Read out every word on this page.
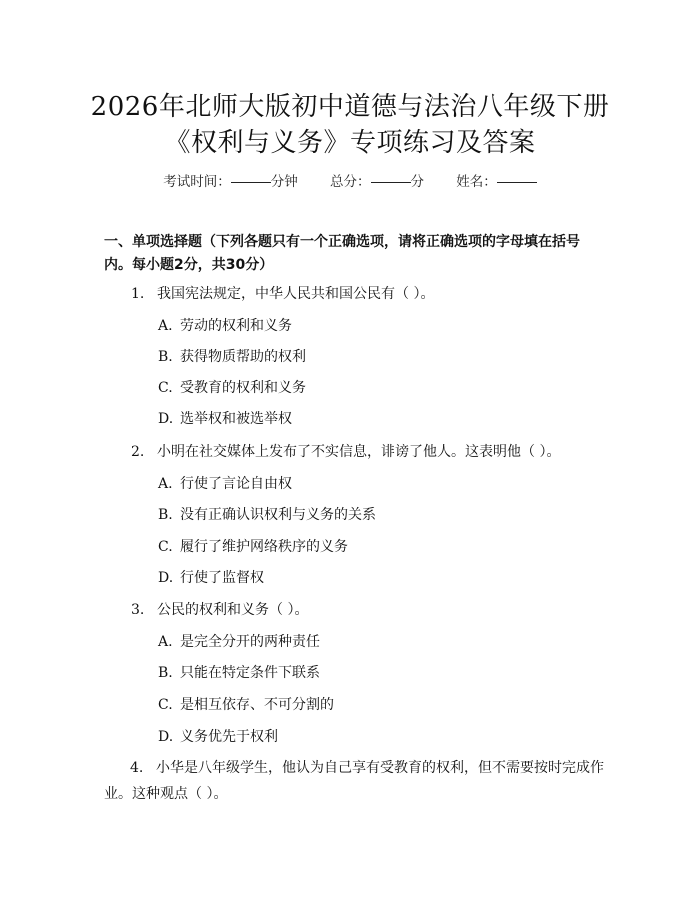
2026年北师大版初中道德与法治八年级下册
《权利与义务》专项练习及答案
考试时间：	分钟 总分：	分 姓名：
一、单项选择题（下列各题只有一个正确选项，请将正确选项的字母填在括号内。每小题2分，共30分）
1. 我国宪法规定，中华人民共和国公民有（ ）。
A. 劳动的权利和义务
B. 获得物质帮助的权利
C. 受教育的权利和义务
D. 选举权和被选举权
2. 小明在社交媒体上发布了不实信息，诽谤了他人。这表明他（ ）。
A. 行使了言论自由权
B. 没有正确认识权利与义务的关系
C. 履行了维护网络秩序的义务
D. 行使了监督权
3. 公民的权利和义务（ ）。
A. 是完全分开的两种责任
B. 只能在特定条件下联系
C. 是相互依存、不可分割的
D. 义务优先于权利
4. 小华是八年级学生，他认为自己享有受教育的权利，但不需要按时完成作业。这种观点（ ）。
